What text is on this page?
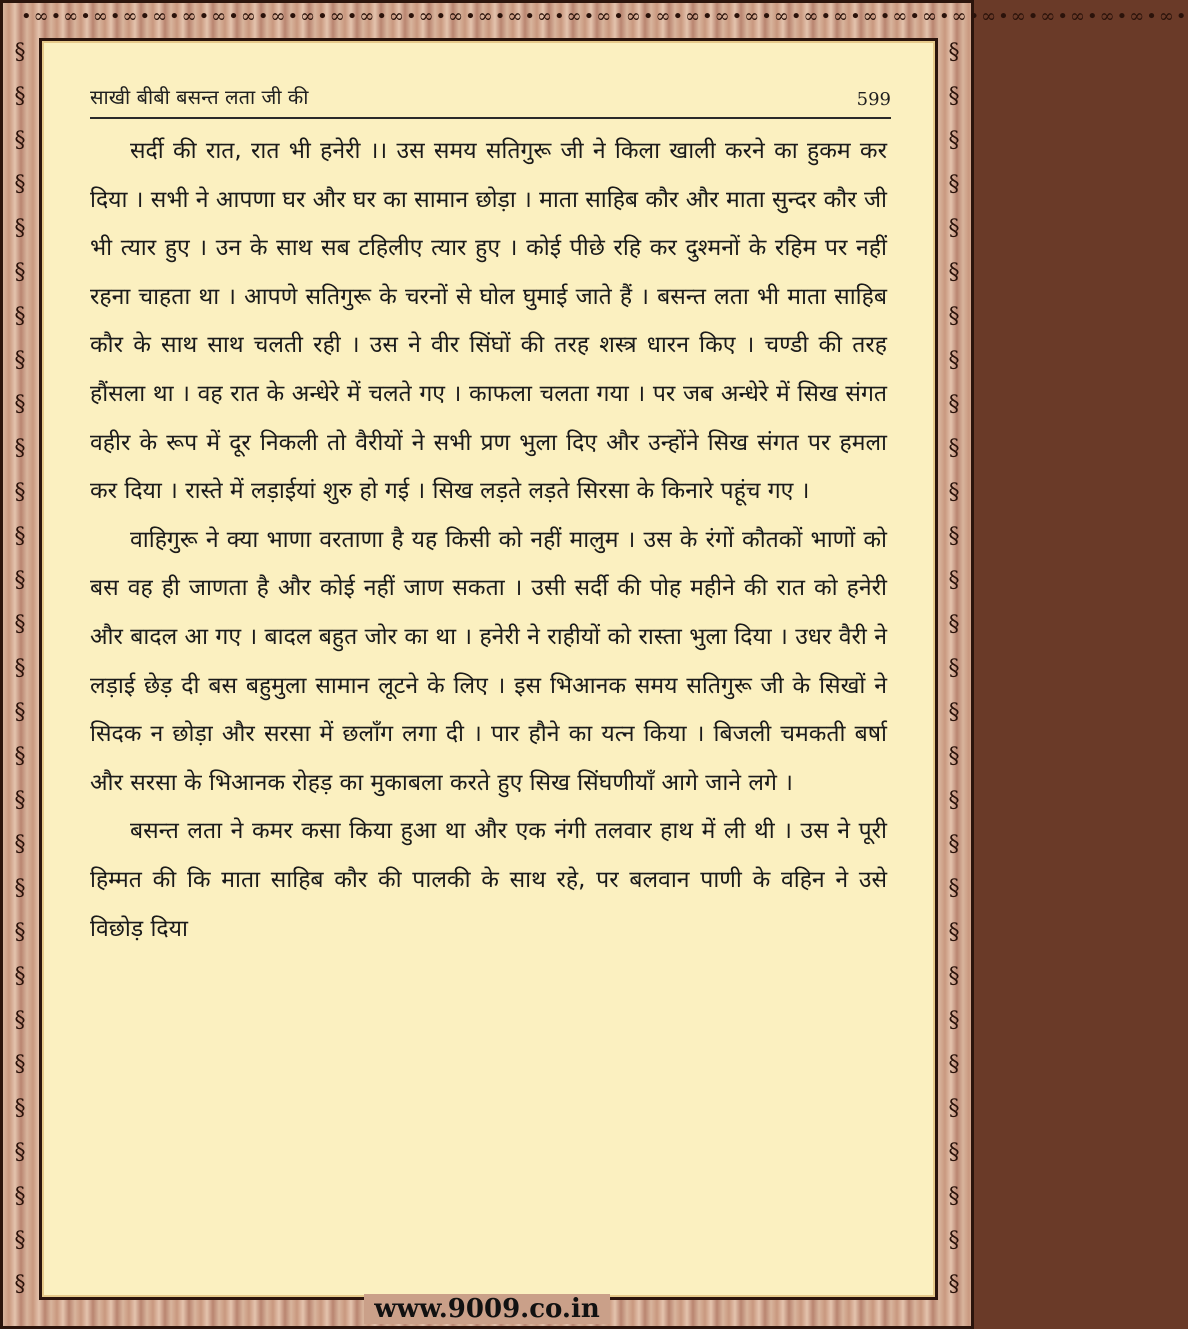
•∞•∞•∞•∞•∞•∞•∞•∞•∞•∞•∞•∞•∞•∞•∞•∞•∞•∞•∞•∞•∞•∞•∞•∞•∞•∞•∞•∞•∞•∞•∞•∞•∞•∞•∞•∞•∞•∞•∞•
§
§
§
§
§
§
§
§
§
§
§
§
§
§
§
§
§
§
§
§
§
§
§
§
§
§
§
§
§
§
§
§
§
§
§
§
§
§
§
§
§
§
§
§
§
§
§
§
§
§
§
§
§
§
§
§
§
§
साखी बीबी बसन्त लता जी की	599

सर्दी की रात, रात भी हनेरी ।। उस समय सतिगुरू जी ने किला खाली करने का हुकम कर दिया । सभी ने आपणा घर और घर का सामान छोड़ा । माता साहिब कौर और माता सुन्दर कौर जी भी त्यार हुए । उन के साथ सब टहिलीए त्यार हुए । कोई पीछे रहि कर दुश्मनों के रहिम पर नहीं रहना चाहता था । आपणे सतिगुरू के चरनों से घोल घुमाई जाते हैं । बसन्त लता भी माता साहिब कौर के साथ साथ चलती रही । उस ने वीर सिंघों की तरह शस्त्र धारन किए । चण्डी की तरह हौंसला था । वह रात के अन्धेरे में चलते गए । काफला चलता गया । पर जब अन्धेरे में सिख संगत वहीर के रूप में दूर निकली तो वैरीयों ने सभी प्रण भुला दिए और उन्होंने सिख संगत पर हमला कर दिया । रास्ते में लड़ाईयां शुरु हो गई । सिख लड़ते लड़ते सिरसा के किनारे पहूंच गए ।

वाहिगुरू ने क्या भाणा वरताणा है यह किसी को नहीं मालुम । उस के रंगों कौतकों भाणों को बस वह ही जाणता है और कोई नहीं जाण सकता । उसी सर्दी की पोह महीने की रात को हनेरी और बादल आ गए । बादल बहुत जोर का था । हनेरी ने राहीयों को रास्ता भुला दिया । उधर वैरी ने लड़ाई छेड़ दी बस बहुमुला सामान लूटने के लिए । इस भिआनक समय सतिगुरू जी के सिखों ने सिदक न छोड़ा और सरसा में छलाँग लगा दी । पार हौने का यत्न किया । बिजली चमकती बर्षा और सरसा के भिआनक रोहड़ का मुकाबला करते हुए सिख सिंघणीयाँ आगे जाने लगे ।

बसन्त लता ने कमर कसा किया हुआ था और एक नंगी तलवार हाथ में ली थी । उस ने पूरी हिम्मत की कि माता साहिब कौर की पालकी के साथ रहे, पर बलवान पाणी के वहिन ने उसे विछोड़ दिया

www.9009.co.in
